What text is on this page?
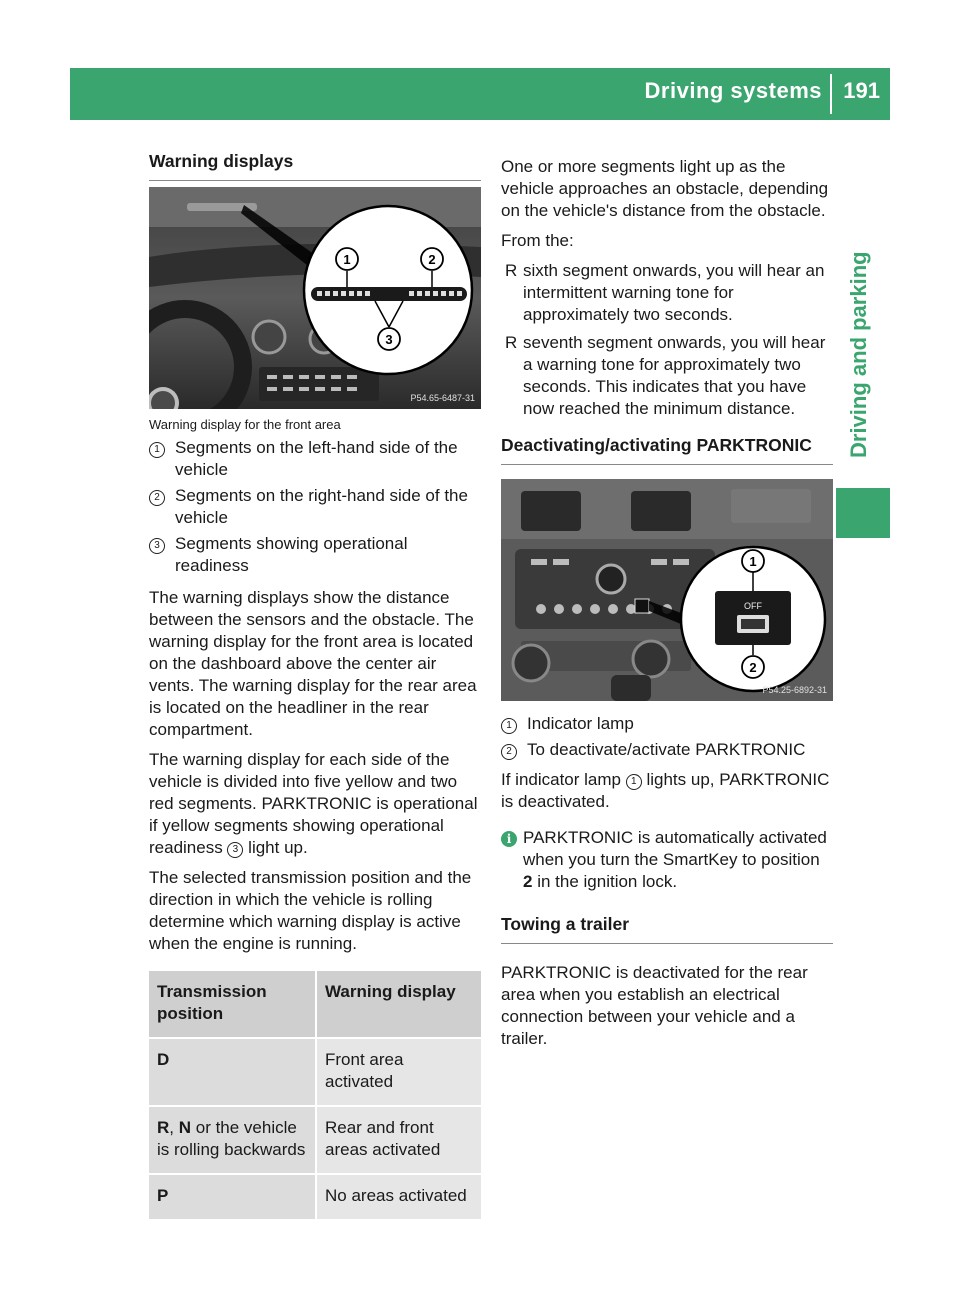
Driving systems 191
Driving and parking
Warning displays
1	2
3
P54.65-6487-31
Warning display for the front area
1 Segments on the left-hand side of the vehicle
2 Segments on the right-hand side of the vehicle
3 Segments showing operational readiness

The warning displays show the distance between the sensors and the obstacle. The warning display for the front area is located on the dashboard above the center air vents. The warning display for the rear area is located on the headliner in the rear compartment.

The warning display for each side of the vehicle is divided into five yellow and two red segments. PARKTRONIC is operational if yellow segments showing operational readiness 3 light up.

The selected transmission position and the direction in which the vehicle is rolling determine which warning display is active when the engine is running.

Transmission position	Warning display
D	Front area activated
R, N or the vehicle is rolling backwards	Rear and front areas activated
P	No areas activated

One or more segments light up as the vehicle approaches an obstacle, depending on the vehicle's distance from the obstacle.

From the:

R sixth segment onwards, you will hear an intermittent warning tone for approximately two seconds.
R seventh segment onwards, you will hear a warning tone for approximately two seconds. This indicates that you have now reached the minimum distance.
Deactivating/activating PARKTRONIC
OFF
1
2
P54.25-6892-31
1 Indicator lamp
2 To deactivate/activate PARKTRONIC

If indicator lamp 1 lights up, PARKTRONIC is deactivated.

i PARKTRONIC is automatically activated when you turn the SmartKey to position 2 in the ignition lock.
Towing a trailer

PARKTRONIC is deactivated for the rear area when you establish an electrical connection between your vehicle and a trailer.
